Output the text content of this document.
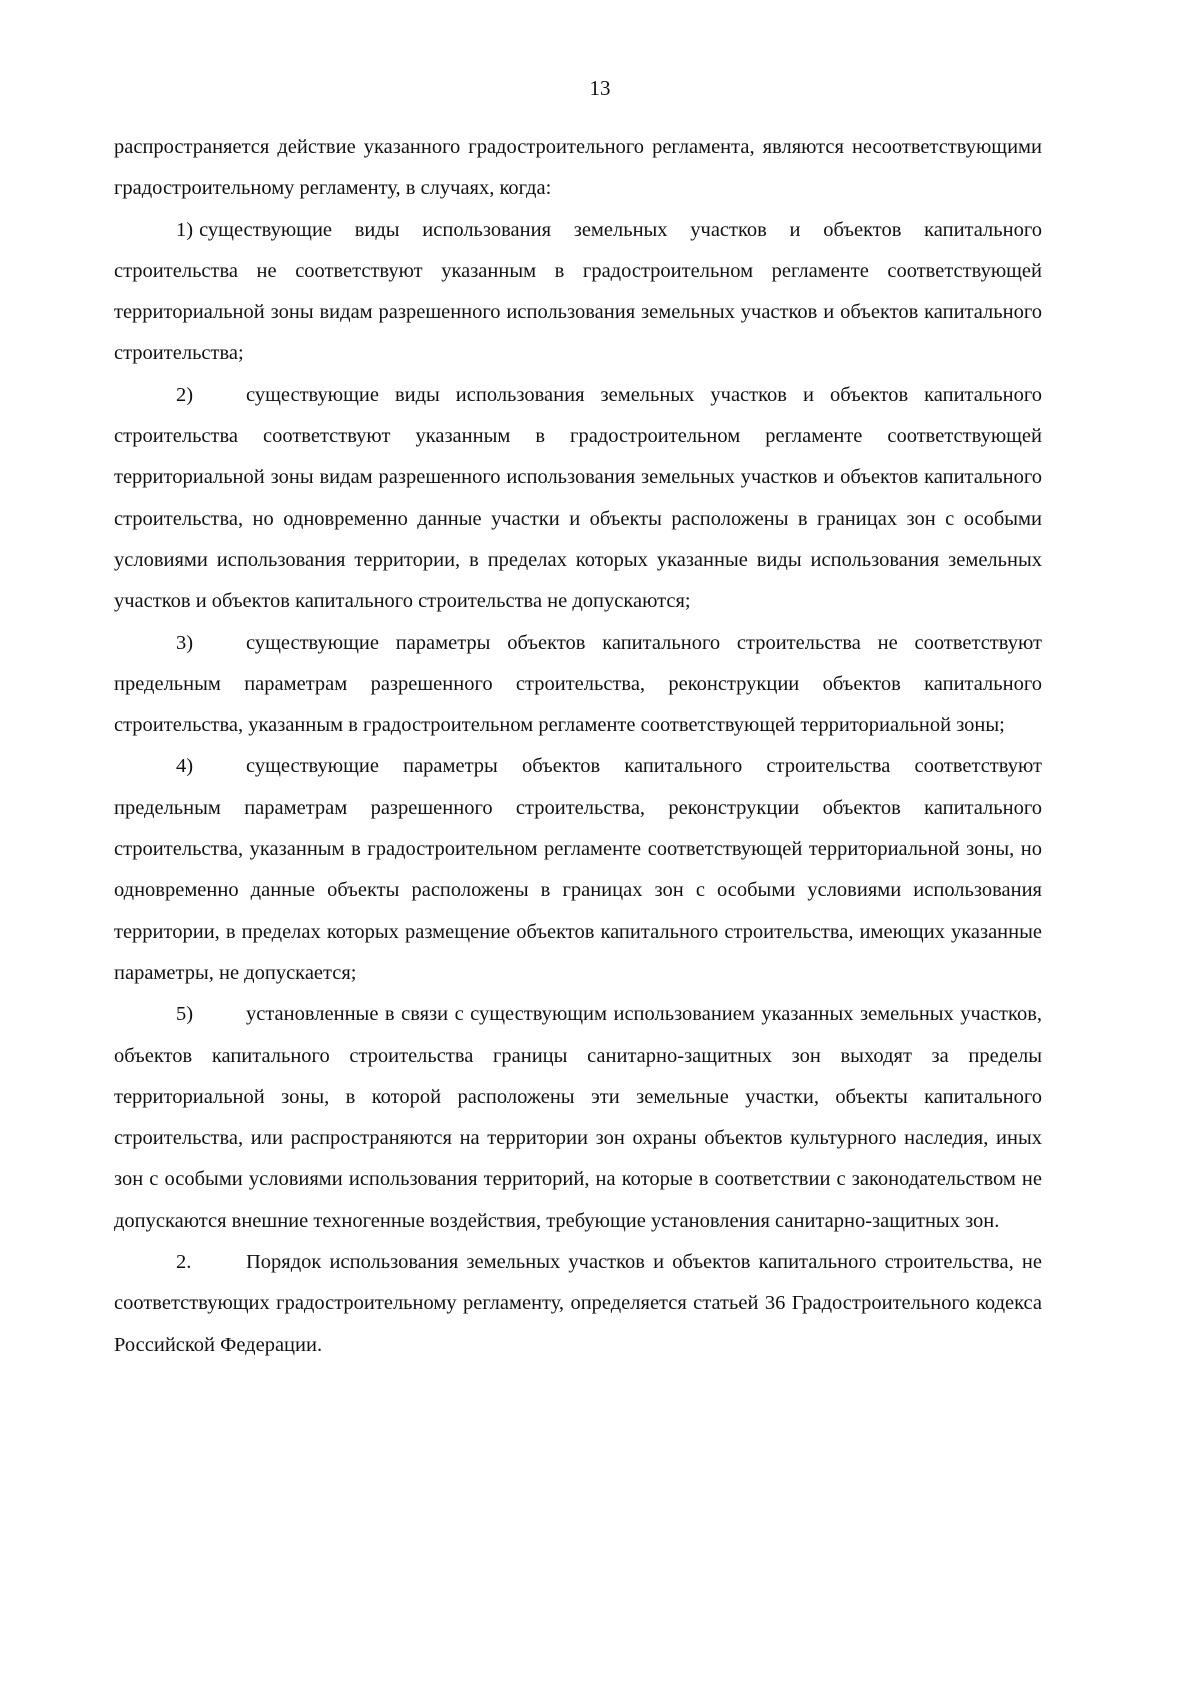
13

распространяется действие указанного градостроительного регламента, являются несоответствующими градостроительному регламенту, в случаях, когда:

1) существующие виды использования земельных участков и объектов капитального строительства не соответствуют указанным в градостроительном регламенте соответствующей территориальной зоны видам разрешенного использования земельных участков и объектов капитального строительства;

2)	существующие виды использования земельных участков и объектов капитального строительства соответствуют указанным в градостроительном регламенте соответствующей территориальной зоны видам разрешенного использования земельных участков и объектов капитального строительства, но одновременно данные участки и объекты расположены в границах зон с особыми условиями использования территории, в пределах которых указанные виды использования земельных участков и объектов капитального строительства не допускаются;

3)	существующие параметры объектов капитального строительства не соответствуют предельным параметрам разрешенного строительства, реконструкции объектов капитального строительства, указанным в градостроительном регламенте соответствующей территориальной зоны;

4)	существующие параметры объектов капитального строительства соответствуют предельным параметрам разрешенного строительства, реконструкции объектов капитального строительства, указанным в градостроительном регламенте соответствующей территориальной зоны, но одновременно данные объекты расположены в границах зон с особыми условиями использования территории, в пределах которых размещение объектов капитального строительства, имеющих указанные параметры, не допускается;

5)	установленные в связи с существующим использованием указанных земельных участков, объектов капитального строительства границы санитарно-защитных зон выходят за пределы территориальной зоны, в которой расположены эти земельные участки, объекты капитального строительства, или распространяются на территории зон охраны объектов культурного наследия, иных зон с особыми условиями использования территорий, на которые в соответствии с законодательством не допускаются внешние техногенные воздействия, требующие установления санитарно-защитных зон.

2.	Порядок использования земельных участков и объектов капитального строительства, не соответствующих градостроительному регламенту, определяется статьей 36 Градостроительного кодекса Российской Федерации.
